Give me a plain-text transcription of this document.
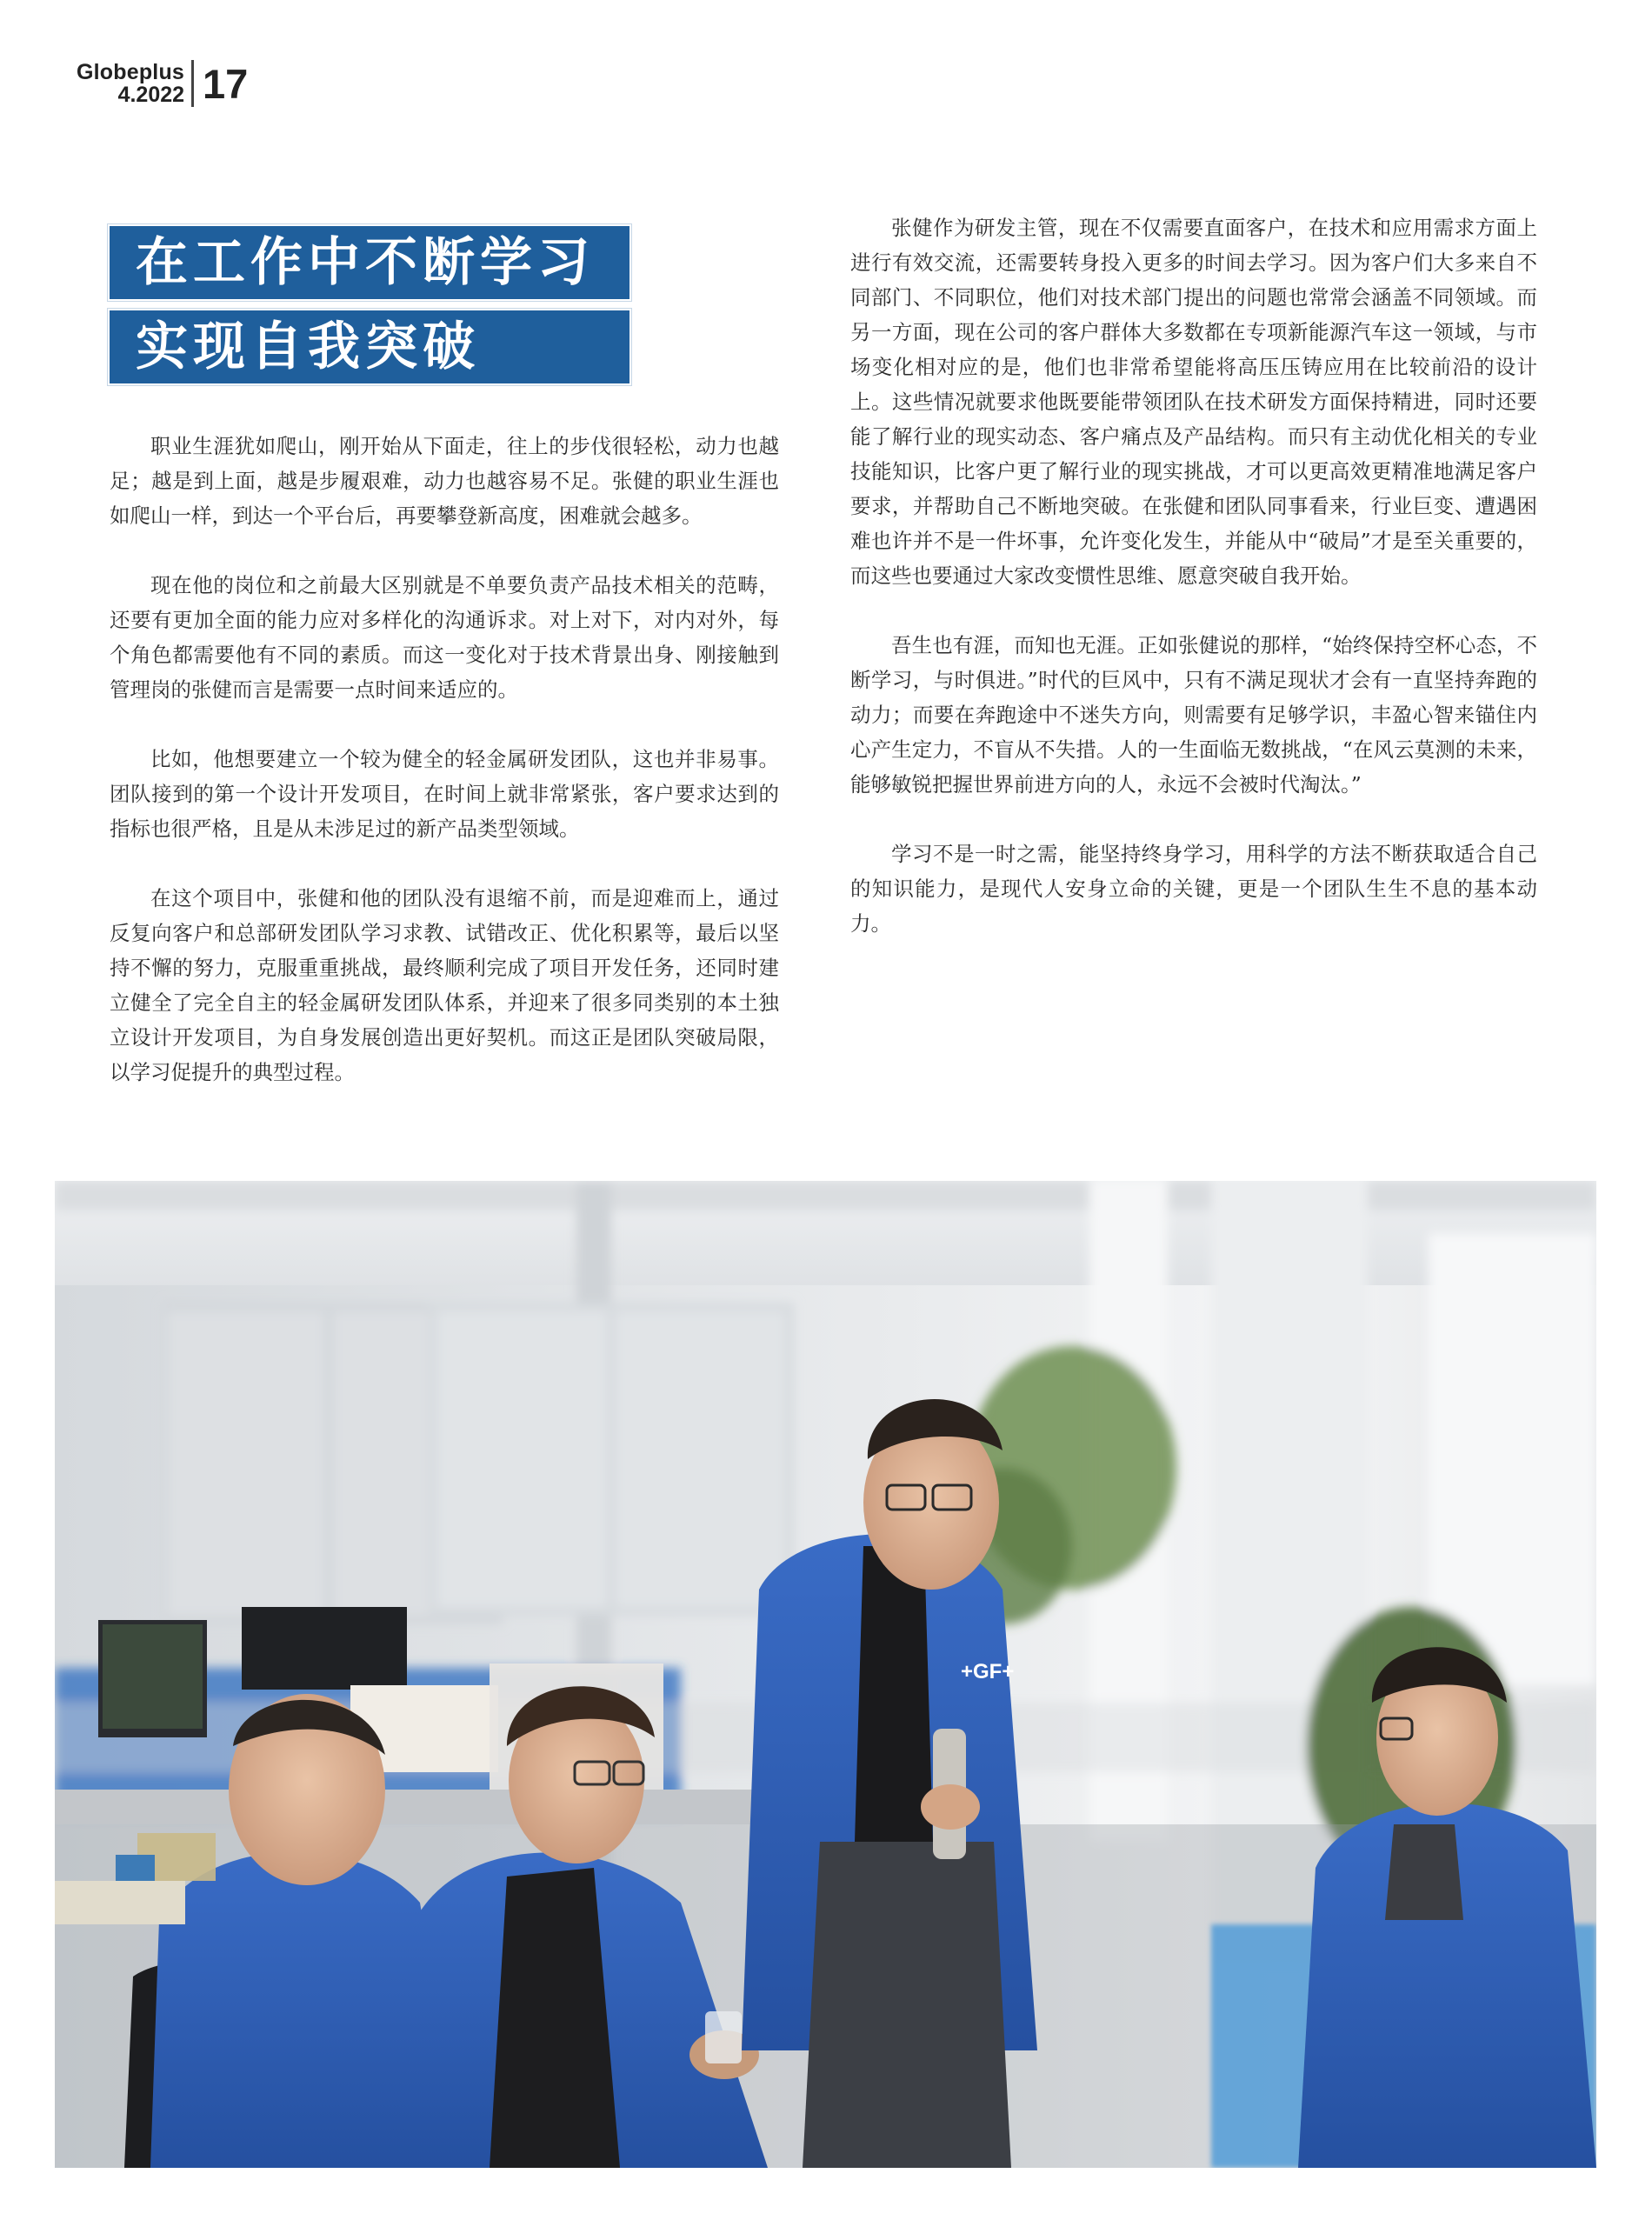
Globeplus
4.2022 17
在工作中不断学习
实现自我突破

职业生涯犹如爬山，刚开始从下面走，往上的步伐很轻松，动力也越足；越是到上面，越是步履艰难，动力也越容易不足。张健的职业生涯也如爬山一样，到达一个平台后，再要攀登新高度，困难就会越多。

现在他的岗位和之前最大区别就是不单要负责产品技术相关的范畴，还要有更加全面的能力应对多样化的沟通诉求。对上对下，对内对外，每个角色都需要他有不同的素质。而这一变化对于技术背景出身、刚接触到管理岗的张健而言是需要一点时间来适应的。

比如，他想要建立一个较为健全的轻金属研发团队，这也并非易事。团队接到的第一个设计开发项目，在时间上就非常紧张，客户要求达到的指标也很严格，且是从未涉足过的新产品类型领域。

在这个项目中，张健和他的团队没有退缩不前，而是迎难而上，通过反复向客户和总部研发团队学习求教、试错改正、优化积累等，最后以坚持不懈的努力，克服重重挑战，最终顺利完成了项目开发任务，还同时建立健全了完全自主的轻金属研发团队体系，并迎来了很多同类别的本土独立设计开发项目，为自身发展创造出更好契机。而这正是团队突破局限，以学习促提升的典型过程。

张健作为研发主管，现在不仅需要直面客户，在技术和应用需求方面上进行有效交流，还需要转身投入更多的时间去学习。因为客户们大多来自不同部门、不同职位，他们对技术部门提出的问题也常常会涵盖不同领域。而另一方面，现在公司的客户群体大多数都在专项新能源汽车这一领域，与市场变化相对应的是，他们也非常希望能将高压压铸应用在比较前沿的设计上。这些情况就要求他既要能带领团队在技术研发方面保持精进，同时还要能了解行业的现实动态、客户痛点及产品结构。而只有主动优化相关的专业技能知识，比客户更了解行业的现实挑战，才可以更高效更精准地满足客户要求，并帮助自己不断地突破。在张健和团队同事看来，行业巨变、遭遇困难也许并不是一件坏事，允许变化发生，并能从中“破局”才是至关重要的，而这些也要通过大家改变惯性思维、愿意突破自我开始。

吾生也有涯，而知也无涯。正如张健说的那样，“始终保持空杯心态，不断学习，与时俱进。”时代的巨风中，只有不满足现状才会有一直坚持奔跑的动力；而要在奔跑途中不迷失方向，则需要有足够学识，丰盈心智来锚住内心产生定力，不盲从不失措。人的一生面临无数挑战，“在风云莫测的未来，能够敏锐把握世界前进方向的人，永远不会被时代淘汰。”

学习不是一时之需，能坚持终身学习，用科学的方法不断获取适合自己的知识能力，是现代人安身立命的关键，更是一个团队生生不息的基本动力。

+GF+
